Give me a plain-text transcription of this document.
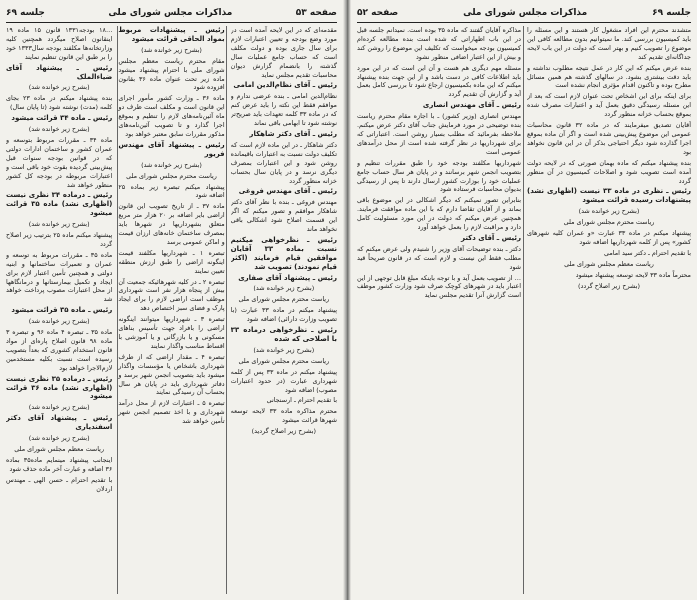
صفحه ۵۳
مذاکرات مجلس شورای ملی
جلسه ۶۹

…۱۸ بودجه۱۳۳۱ قانون ۱۵ ماده ۱۹ اینقانون اصلاح میگردد همچنین کلیه وزارتخانه‌ها مکلفند بودجه سال۱۳۳۳ خود را بر طبق این قانون تنظیم نمایند

رئیس ـ پیشنهاد آقای ضیاء‌الملک

(بشرح زیر خوانده شد)

بنده پیشنهاد میکنم در ماده ۲۳ بجای کلمه (مدت) نوشته شود (تا پایان سال)

رئیس ـ ماده ۳۴ قرائت میشود

(بشرح زیر خوانده شد)

ماده ۳۴ ـ مقررات مربوط بتوسعه و عمران کشور و ساختمان ادارات دولتی که در قوانین بودجه سنوات قبل پیش‌بینی گردیده بقوت خود باقی است و اعتبارات مربوطه در بودجه کل کشور منظور خواهد شد

رئیس ـ درماده ۳۴ نظری نیست (اظهاری نشد) ماده ۳۵ قرائت میشود

(بشرح زیر خوانده شد)

پیشنهاد میکنم ماده ۲۵ بترتیب زیر اصلاح گردد

ماده ۳۵ ـ مقررات مربوط به توسعه و عمران و تعمیرات ساختمانها و ابنیه دولتی و همچنین تأمین اعتبار لازم برای ایجاد و تکمیل بیمارستانها و درمانگاهها از محل اعتبارات مصوب پرداخت خواهد شد

رئیس ـ ماده ۳۵ قرائت میشود

(بشرح زیر خوانده شد)

ماده ۳۵ ـ تبصره ۴ ماده ۹۶ و تبصره ۳ ماده ۹۸ قانون اصلاح پاره‌ای از مواد قانون استخدام کشوری که بعداً بتصویب رسیده است نسبت بکلیه مستخدمین لازم‌الاجرا خواهد بود

رئیس ـ درماده ۳۵ نظری نیست (اظهاری نشد) ماده ۳۶ قرائت میشود

(بشرح زیر خوانده شد)

رئیس ـ پیشنهاد آقای دکتر اسفندیاری

(بشرح زیر خوانده شد)

ریاست معظم مجلس شورای ملی

اینجانب پیشنهاد مینمایم ماده۳۵ بماده ۳۶ اضافه و عبارت آخر ماده حذف شود

با تقدیم احترام ـ حسن الهی ـ مهندس اردلان

رئیس ـ پیشنهادات مربوط بمواد الحاقی قرائت میشود

(بشرح زیر خوانده شد)

مقام محترم ریاست معظم مجلس شورای ملی با احترام پیشنهاد میشود ماده زیر تحت عنوان ماده ۳۶ بقانون افزوده شود

ماده ۳۶ ـ وزارت کشور مأمور اجرای این قانون است و مکلف است ظرف دو ماه آئین‌نامه‌های لازم را تنظیم و بموقع اجرا گذارد و تا تصویب آئین‌نامه‌های مذکور مقررات سابق معتبر خواهد بود

رئیس ـ پیشنهاد آقای مهندس فریور

(بشرح زیر خوانده شد)

ریاست محترم مجلس شورای ملی

پیشنهاد میکنم تبصره زیر بماده ۲۵ اضافه شود

ماده ۳۷ ـ از تاریخ تصویب این قانون اراضی بایر اضافه بر ۲۰ هزار متر مربع متعلق بشهرداریها در شهرها باید بمصرف ساختمان خانه‌های ارزان قیمت و اماکن عمومی برسد

تبصره ۱ ـ شهرداریها مکلفند قیمت اینگونه اراضی را طبق ارزش منطقه تعیین نمایند

تبصره ۲ ـ در کلیه شهرهائیکه جمعیت آن بیش از پنجاه هزار نفر است شهرداری موظف است اراضی لازم را برای ایجاد پارک و فضای سبز اختصاص دهد

تبصره ۳ ـ شهرداریها میتوانند اینگونه اراضی را بافراد جهت تأسیس بناهای مسکونی و یا بازرگانی و یا آموزشی با اقساط مناسب واگذار نمایند

تبصره ۴ ـ مقدار اراضی که از طرف شهرداری باشخاص یا مؤسسات واگذار میشود باید بتصویب انجمن شهر برسد و دفاتر شهرداری باید در پایان هر سال بحساب آن رسیدگی نمایند

تبصره ۵ ـ اعتبارات لازم از محل درآمد شهرداری و با اخذ تصمیم انجمن شهر تأمین خواهد شد

مقدمه‌ای که در این لایحه آمده است در مورد وضع بودجه و تعیین اعتبارات لازم برای سال جاری بوده و دولت مکلف است که حساب جامع عملیات سال گذشته را بانضمام گزارش دیوان محاسبات تقدیم مجلس نماید

رئیس ـ آقای نظام‌الدین امامی

نظام‌الدین امامی ـ بنده عرضی ندارم و موافقم فقط این نکته را باید عرض کنم که در ماده ۳۳ کلمه تعهدات باید صریح‌تر نوشته شود تا ابهامی باقی نماند

رئیس ـ آقای دکتر شاهکار

دکتر شاهکار ـ در این ماده لازم است که تکلیف دولت نسبت به اعتبارات باقیمانده روشن شود و این اعتبارات بمصرف دیگری نرسد و در پایان سال بحساب خزانه منظور گردد

رئیس ـ آقای مهندس فروغی

مهندس فروغی ـ بنده با نظر آقای دکتر شاهکار موافقم و تصور میکنم که اگر این قسمت اصلاح شود اشکالی باقی نخواهد ماند

رئیس ـ نظرخواهی میکنیم نسبت بماده ۳۳ آقایان موافقین قیام فرمایند (اکثر قیام نمودند) تصویب شد

رئیس ـ پیشنهاد آقای صفاری

(بشرح زیر خوانده شد)

ریاست محترم مجلس شورای ملی

پیشنهاد میکنم در ماده ۳۳ عبارت (با تصویب وزارت دارائی) اضافه شود

رئیس ـ نظرخواهی درماده ۳۳ با اصلاحی که شده

(بشرح زیر خوانده شد)

ریاست محترم مجلس شورای ملی

پیشنهاد میکنم در ماده ۳۳ پس از کلمه شهرداری عبارت (در حدود اعتبارات مصوب) اضافه شود

با تقدیم احترام ـ ارسنجانی

محترم مذاکره ماده ۳۳ لایحه توسعه شهرها قرائت میشود

(بشرح زیر اصلاح گردید)

جلسه ۶۹
مذاکرات مجلس شورای ملی
صفحه ۵۲

مذاکره آقایان گفتند که ماده ۳۵ بوده است. نمیدانم جلسه قبل در این باب اظهاراتی که شده است بنده مطالعه کرده‌ام کمیسیون بودجه میخواست که تکلیف این موضوع را روشن کند و بیش از این اعتبار اضافی منظور نشود

مسئله مهم دیگری هم هست و آن این است که در این مورد باید اطلاعات کافی در دست باشد و از این جهت بنده پیشنهاد میکنم که این ماده بکمیسیون ارجاع شود تا بررسی کامل بعمل آید و گزارش آن تقدیم گردد

رئیس ـ آقای مهندس انصاری

مهندس انصاری (وزیر کشور) ـ با اجازه مقام محترم ریاست بنده توضیحی در مورد فرمایش جناب آقای دکتر عرض میکنم. ملاحظه بفرمائید که مطلب بسیار روشن است. اعتباراتی که برای شهرداریها در نظر گرفته شده است از محل درآمدهای عمومی است

شهرداریها مکلفند بودجه خود را طبق مقررات تنظیم و بتصویب انجمن شهر برسانند و در پایان هر سال حساب جامع عملیات خود را بوزارت کشور ارسال دارند تا پس از رسیدگی بدیوان محاسبات فرستاده شود

بنابراین تصور نمیکنم که دیگر اشکالی در این موضوع باقی بماند و از آقایان تقاضا دارم که با این ماده موافقت فرمایند. همچنین عرض میکنم که دولت در این مورد مسئولیت کامل دارد و مراقبت لازم را بعمل خواهد آورد

رئیس ـ آقای دکتر

دکتر ـ بنده توضیحات آقای وزیر را شنیدم ولی عرض میکنم که مطلب فقط این نیست و لازم است که در قانون صریحاً قید شود

… از تصویب بعمل آید و با توجه باینکه مبلغ قابل توجهی از این اعتبار باید در شهرهای کوچک صرف شود وزارت کشور موظف است گزارش آنرا تقدیم مجلس نماید

متشدند محترم این افراد مشغول کار هستند و این مسئله را باید کمیسیون بررسی کند. ما نمیتوانیم بدون مطالعه کافی این موضوع را تصویب کنیم و بهتر است که دولت در این باب لایحه جداگانه‌ای تقدیم کند

بنده عرض میکنم که این کار در عمل نتیجه مطلوب نداشته و باید دقت بیشتری بشود. در سالهای گذشته هم همین مسائل مطرح بوده و تاکنون اقدام مؤثری انجام نشده است

برای اینکه برای این اشخاص تحت عنوان لازم است که بعد از این مسئله رسیدگی دقیق بعمل آید و اعتبارات مصرف شده بموقع بحساب خزانه منظور گردد

آقایان تصدیق میفرمایند که در ماده ۳۲ قانون محاسبات عمومی این موضوع پیش‌بینی شده است و اگر آن ماده بموقع اجرا گذارده شود دیگر احتیاجی بذکر آن در این قانون نخواهد بود

بنده پیشنهاد میکنم که ماده بهمان صورتی که در لایحه دولت آمده است تصویب شود و اصلاحات کمیسیون در آن منظور گردد

رئیس ـ نظری در ماده ۳۳ نیست (اظهاری نشد) پیشنهادات رسیده قرائت میشود

(بشرح زیر خوانده شد)

ریاست محترم مجلس شورای ملی

پیشنهاد میکنم در ماده ۳۳ عبارت «و عمران کلیه شهرهای کشور» پس از کلمه شهرداریها اضافه شود

با تقدیم احترام ـ دکتر سید امامی

ریاست معظم مجلس شورای ملی

محترماً ماده ۳۳ لایحه توسعه پیشنهاد میشود

(بشرح زیر اصلاح گردد)
